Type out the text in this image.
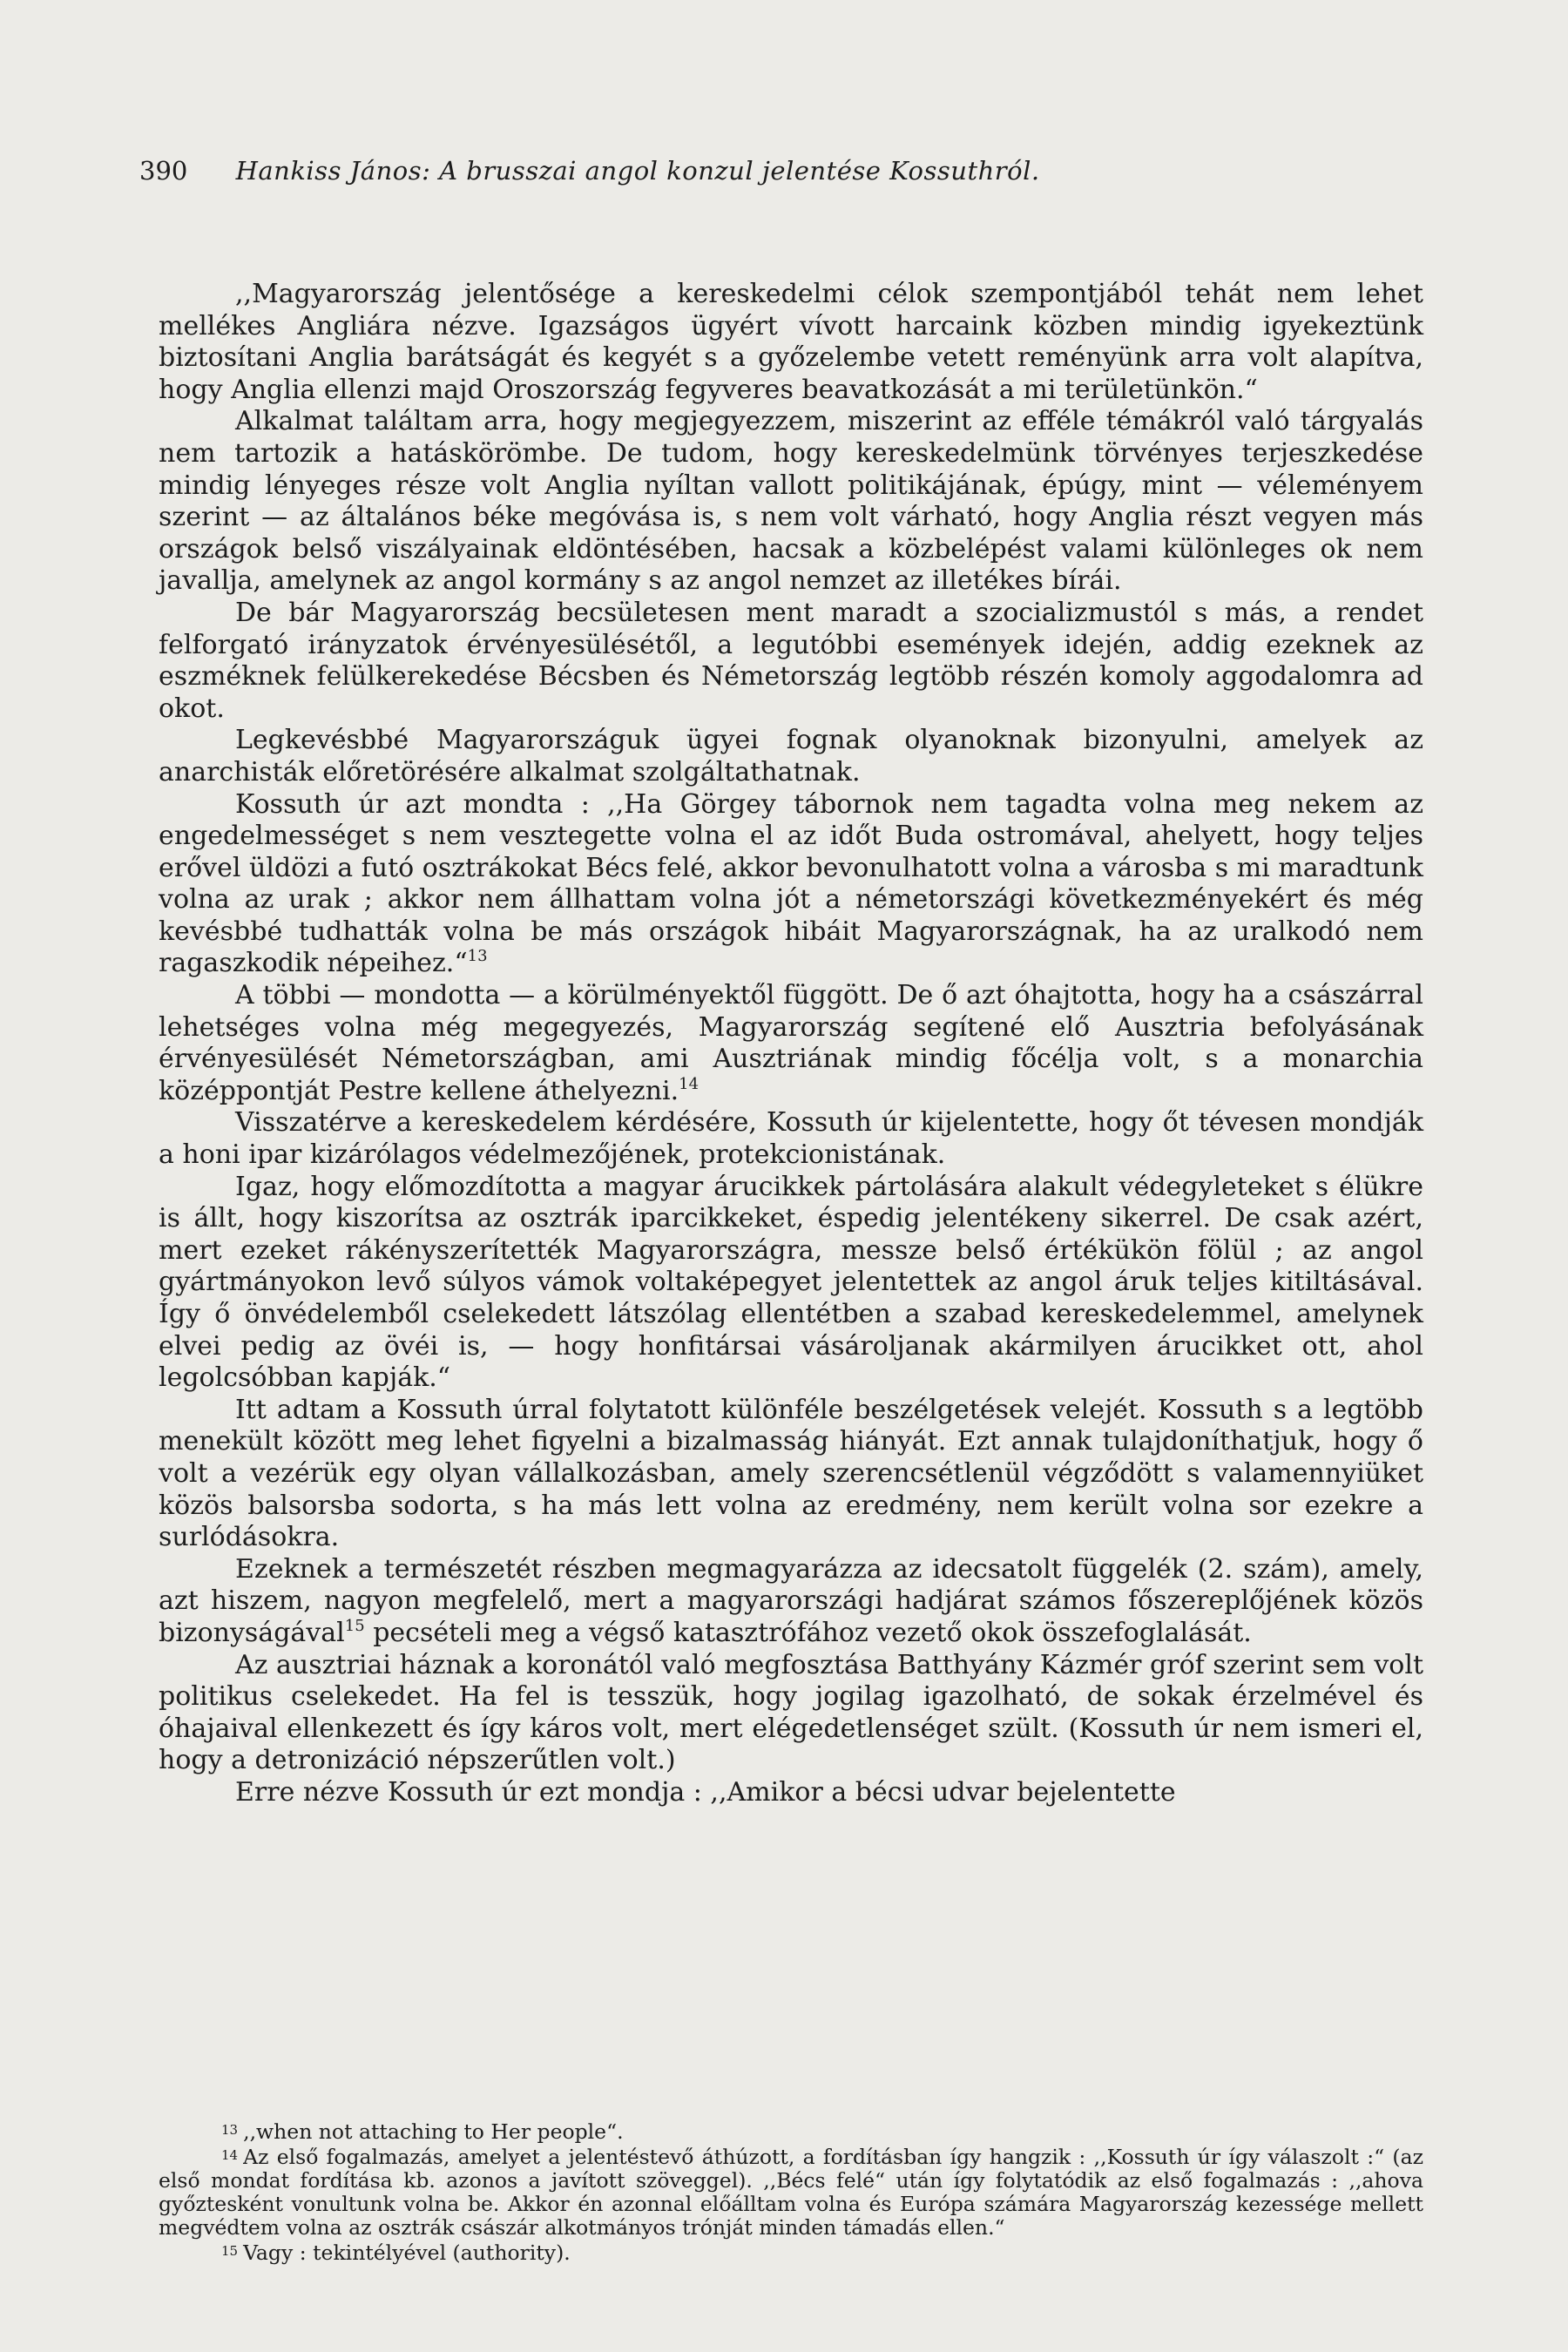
390 Hankiss János: A brusszai angol konzul jelentése Kossuthról.

,,Magyarország jelentősége a kereskedelmi célok szempontjából tehát nem lehet mellékes Angliára nézve. Igazságos ügyért vívott harcaink közben mindig igyekeztünk biztosítani Anglia barátságát és kegyét s a győzelembe vetett reményünk arra volt alapítva, hogy Anglia ellenzi majd Oroszország fegyveres beavatkozását a mi területünkön.“

Alkalmat találtam arra, hogy megjegyezzem, miszerint az efféle témákról való tárgyalás nem tartozik a hatáskörömbe. De tudom, hogy kereskedelmünk törvényes terjeszkedése mindig lényeges része volt Anglia nyíltan vallott politikájának, épúgy, mint — véleményem szerint — az általános béke megóvása is, s nem volt várható, hogy Anglia részt vegyen más országok belső viszályainak eldöntésében, hacsak a közbelépést valami különleges ok nem javallja, amelynek az angol kormány s az angol nemzet az illetékes bírái.

De bár Magyarország becsületesen ment maradt a szocializmustól s más, a rendet felforgató irányzatok érvényesülésétől, a legutóbbi események idején, addig ezeknek az eszméknek felülkerekedése Bécsben és Németország legtöbb részén komoly aggodalomra ad okot.

Legkevésbbé Magyarországuk ügyei fognak olyanoknak bizonyulni, amelyek az anarchisták előretörésére alkalmat szolgáltathatnak.

Kossuth úr azt mondta : ,,Ha Görgey tábornok nem tagadta volna meg nekem az engedelmességet s nem vesztegette volna el az időt Buda ostromával, ahelyett, hogy teljes erővel üldözi a futó osztrákokat Bécs felé, akkor bevonulhatott volna a városba s mi maradtunk volna az urak ; akkor nem állhattam volna jót a németországi következményekért és még kevésbbé tudhatták volna be más országok hibáit Magyarországnak, ha az uralkodó nem ragaszkodik népeihez.“$^{13}$

A többi — mondotta — a körülményektől függött. De ő azt óhajtotta, hogy ha a császárral lehetséges volna még megegyezés, Magyarország segítené elő Ausztria befolyásának érvényesülését Németországban, ami Ausztriának mindig főcélja volt, s a monarchia középpontját Pestre kellene áthelyezni.$^{14}$

Visszatérve a kereskedelem kérdésére, Kossuth úr kijelentette, hogy őt tévesen mondják a honi ipar kizárólagos védelmezőjének, protekcionistának.

Igaz, hogy előmozdította a magyar árucikkek pártolására alakult védegyleteket s élükre is állt, hogy kiszorítsa az osztrák iparcikkeket, éspedig jelentékeny sikerrel. De csak azért, mert ezeket rákényszerítették Magyarországra, messze belső értékükön fölül ; az angol gyártmányokon levő súlyos vámok voltaképegyet jelentettek az angol áruk teljes kitiltásával. Így ő önvédelemből cselekedett látszólag ellentétben a szabad kereskedelemmel, amelynek elvei pedig az övéi is, — hogy honfitársai vásároljanak akármilyen árucikket ott, ahol legolcsóbban kapják.“

Itt adtam a Kossuth úrral folytatott különféle beszélgetések velejét. Kossuth s a legtöbb menekült között meg lehet figyelni a bizalmasság hiányát. Ezt annak tulajdoníthatjuk, hogy ő volt a vezérük egy olyan vállalkozásban, amely szerencsétlenül végződött s valamennyiüket közös balsorsba sodorta, s ha más lett volna az eredmény, nem került volna sor ezekre a surlódásokra.

Ezeknek a természetét részben megmagyarázza az idecsatolt függelék (2. szám), amely, azt hiszem, nagyon megfelelő, mert a magyarországi hadjárat számos főszereplőjének közös bizonyságával$^{15}$ pecsételi meg a végső katasztrófához vezető okok összefoglalását.

Az ausztriai háznak a koronától való megfosztása Batthyány Kázmér gróf szerint sem volt politikus cselekedet. Ha fel is tesszük, hogy jogilag igazolható, de sokak érzelmével és óhajaival ellenkezett és így káros volt, mert elégedetlenséget szült. (Kossuth úr nem ismeri el, hogy a detronizáció népszerűtlen volt.)

Erre nézve Kossuth úr ezt mondja : ,,Amikor a bécsi udvar bejelentette

$^{13}$ ,,when not attaching to Her people“.

$^{14}$ Az első fogalmazás, amelyet a jelentéstevő áthúzott, a fordításban így hangzik : ,,Kossuth úr így válaszolt :“ (az első mondat fordítása kb. azonos a javított szöveggel). ,,Bécs felé“ után így folytatódik az első fogalmazás : ,,ahova győztesként vonultunk volna be. Akkor én azonnal előálltam volna és Európa számára Magyarország kezessége mellett megvédtem volna az osztrák császár alkotmányos trónját minden támadás ellen.“

$^{15}$ Vagy : tekintélyével (authority).
